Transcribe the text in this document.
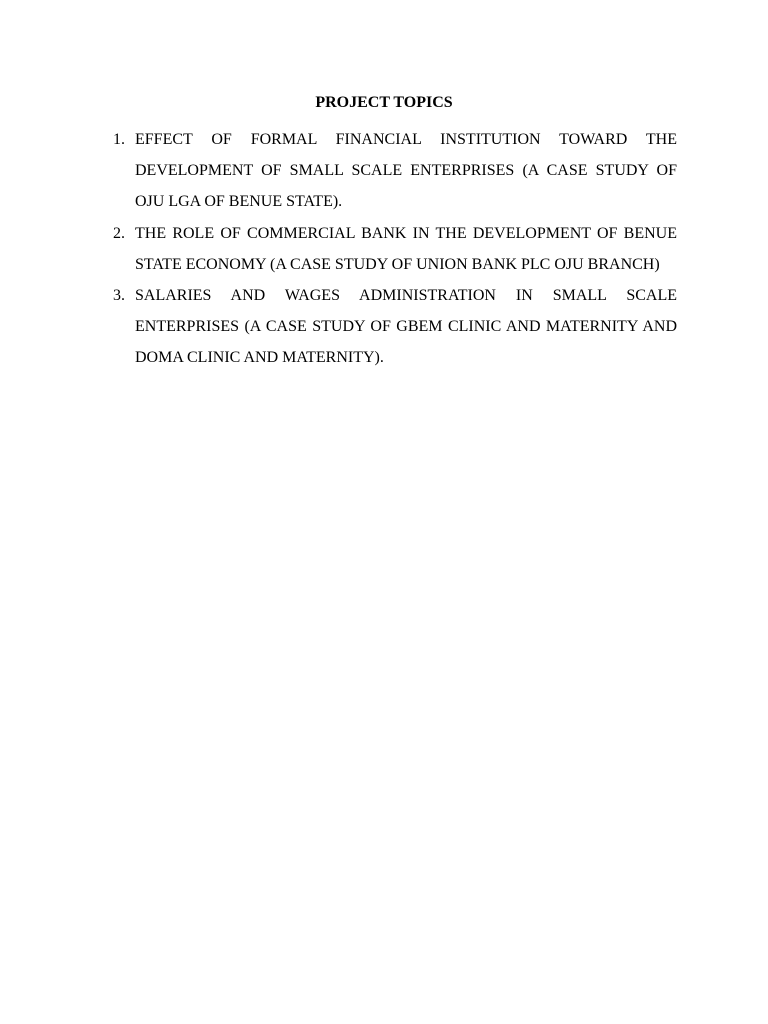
PROJECT TOPICS
1. EFFECT OF FORMAL FINANCIAL INSTITUTION TOWARD THE DEVELOPMENT OF SMALL SCALE ENTERPRISES (A CASE STUDY OF OJU LGA OF BENUE STATE).
2. THE ROLE OF COMMERCIAL BANK IN THE DEVELOPMENT OF BENUE STATE ECONOMY (A CASE STUDY OF UNION BANK PLC OJU BRANCH)
3. SALARIES AND WAGES ADMINISTRATION IN SMALL SCALE ENTERPRISES (A CASE STUDY OF GBEM CLINIC AND MATERNITY AND DOMA CLINIC AND MATERNITY).
